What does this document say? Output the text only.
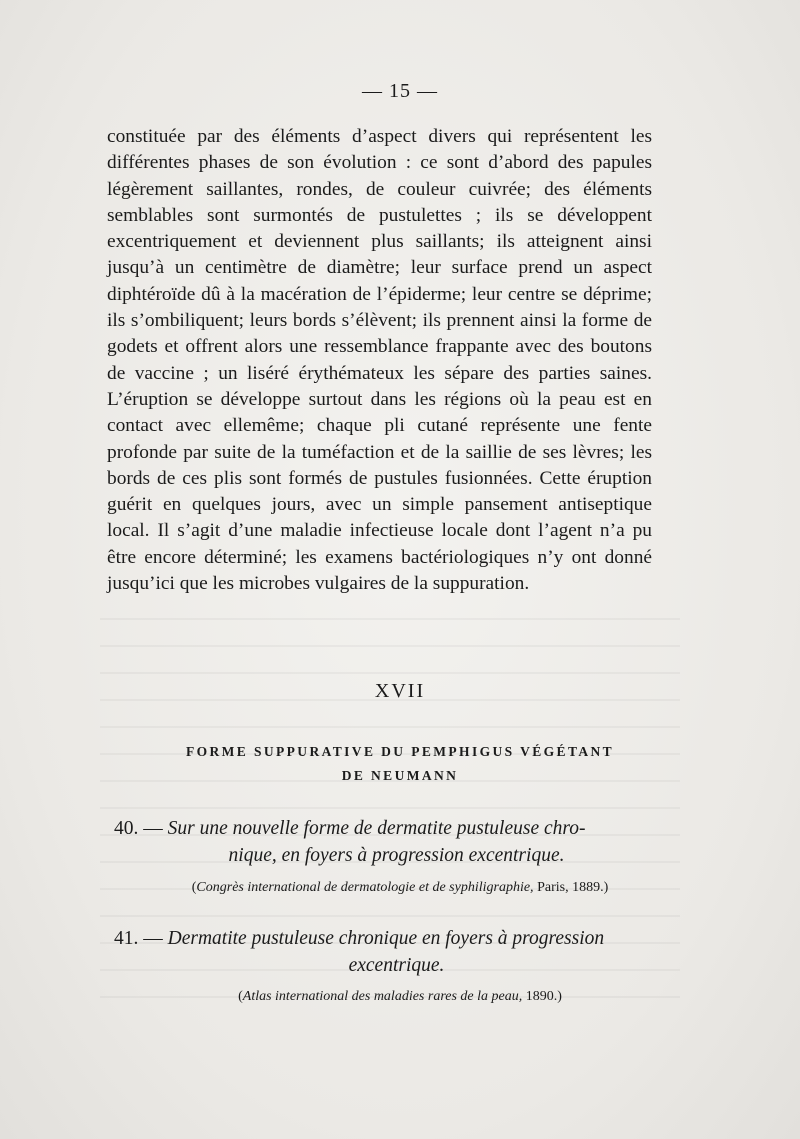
— 15 —

constituée par des éléments d’aspect divers qui représentent les différentes phases de son évolution : ce sont d’abord des papules légèrement saillantes, rondes, de couleur cuivrée; des éléments semblables sont surmontés de pustulettes ; ils se développent excentriquement et deviennent plus saillants; ils atteignent ainsi jusqu’à un centimètre de diamètre; leur surface prend un aspect diphtéroïde dû à la macération de l’épiderme; leur centre se déprime; ils s’ombiliquent; leurs bords s’élèvent; ils prennent ainsi la forme de godets et offrent alors une ressemblance frappante avec des boutons de vaccine ; un liséré érythémateux les sépare des parties saines. L’éruption se développe surtout dans les régions où la peau est en contact avec ellemême; chaque pli cutané représente une fente profonde par suite de la tuméfaction et de la saillie de ses lèvres; les bords de ces plis sont formés de pustules fusionnées. Cette éruption guérit en quelques jours, avec un simple pansement antiseptique local. Il s’agit d’une maladie infectieuse locale dont l’agent n’a pu être encore déterminé; les examens bactériologiques n’y ont donné jusqu’ici que les microbes vulgaires de la suppuration.

XVII
FORME SUPPURATIVE DU PEMPHIGUS VÉGÉTANT
DE NEUMANN
40. — Sur une nouvelle forme de dermatite pustuleuse chro-
nique, en foyers à progression excentrique.
(Congrès international de dermatologie et de syphiligraphie, Paris, 1889.)
41. — Dermatite pustuleuse chronique en foyers à progression
excentrique.
(Atlas international des maladies rares de la peau, 1890.)
